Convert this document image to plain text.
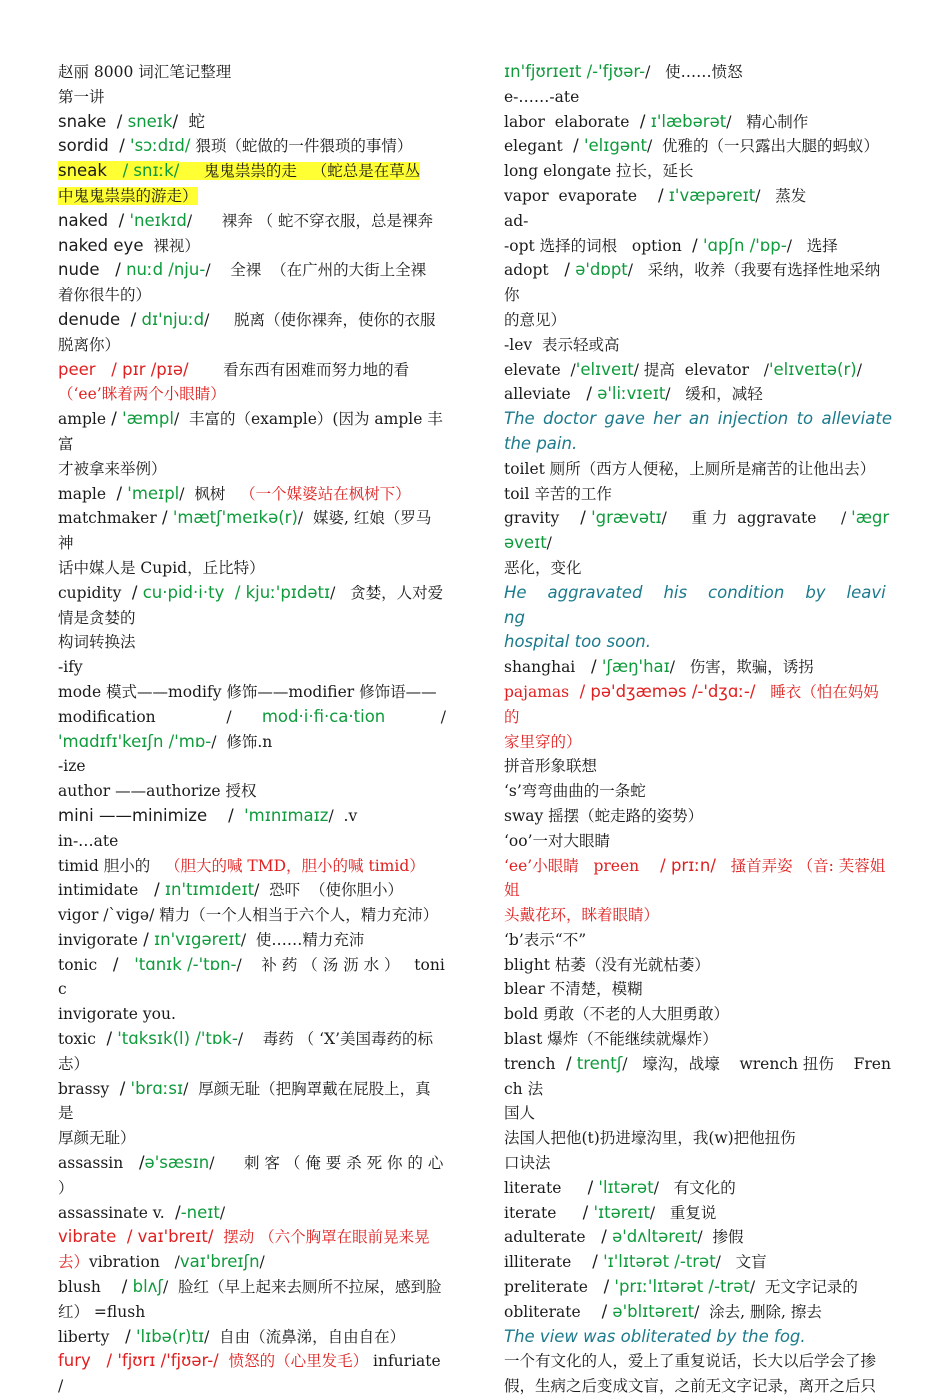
赵丽 8000 词汇笔记整理
第一讲
snake  / sneɪk/  蛇
sordid  / 'sɔːdɪd/ 猥琐（蛇做的一件猥琐的事情）
sneak   / snɪːk/     鬼鬼祟祟的走   （蛇总是在草丛
中鬼鬼祟祟的游走）
naked  / 'neɪkɪd/      裸奔 （ 蛇不穿衣服，总是裸奔
naked eye  裸视）
nude   / nuːd /nju-/    全裸  （在广州的大街上全裸
着你很牛的）
denude  / dɪ'njuːd/     脱离（使你裸奔，使你的衣服
脱离你）
peer   / pɪr /pɪə/       看东西有困难而努力地的看
（‘ee’眯着两个小眼睛）
ample / 'æmpl/  丰富的（example）(因为 ample 丰富
才被拿来举例）
maple  / 'meɪpl/  枫树   （一个媒婆站在枫树下）
matchmaker / 'mætʃ'meɪkə(r)/  媒婆, 红娘（罗马神
话中媒人是 Cupid，丘比特）
cupidity  / cu·pid·i·ty  / kjuː'pɪdətɪ/   贪婪，人对爱
情是贪婪的
构词转换法
-ify
mode 模式——modify 修饰——modifier 修饰语——
modification              /      mod·i·fi·ca·tion           /
'mɑdɪfɪ'keɪʃn /'mɒ-/  修饰.n
-ize
author ——authorize 授权
mini ——minimize    /  'mɪnɪmaɪz/  .v
in-…ate
timid 胆小的   （胆大的喊 TMD，胆小的喊 timid）
intimidate   / ɪn'tɪmɪdeɪt/  恐吓  （使你胆小）
vigor /`vigə/ 精力（一个人相当于六个人，精力充沛）
invigorate / ɪn'vɪgəreɪt/  使……精力充沛
tonic   /   'tɑnɪk /-'tɒn-/    补 药 （ 汤 沥 水 ）   tonic
invigorate you.
toxic  / 'tɑksɪk(l) /'tɒk-/    毒药 （ ‘X’美国毒药的标
志）
brassy  / 'brɑːsɪ/  厚颜无耻（把胸罩戴在屁股上，真是
厚颜无耻）
assassin   /ə'sæsɪn/      刺 客 （ 俺 要 杀 死 你 的 心 ）
assassinate v.  /-neɪt/
vibrate  / vaɪ'breɪt/  摆动 （六个胸罩在眼前晃来晃
去）vibration   /vaɪ'breɪʃn/
blush    / blʌʃ/  脸红（早上起来去厕所不拉屎，感到脸
红） =flush
liberty   / 'lɪbə(r)tɪ/  自由（流鼻涕，自由自在）
fury   / 'fjʊrɪ /'fjʊər-/  愤怒的（心里发毛） infuriate  /
ɪn'fjʊrɪeɪt /-'fjʊər-/   使……愤怒
e-……-ate
labor  elaborate  / ɪ'læbərət/   精心制作
elegant  / 'elɪgənt/  优雅的（一只露出大腿的蚂蚁）
long elongate 拉长，延长
vapor  evaporate    / ɪ'væpəreɪt/   蒸发
ad-
-opt 选择的词根   option  / 'ɑpʃn /'ɒp-/   选择
adopt   / ə'dɒpt/   采纳，收养（我要有选择性地采纳你
的意见）
-lev  表示轻或高
elevate  /'elɪveɪt/ 提高  elevator   /'elɪveɪtə(r)/
alleviate   / ə'liːvɪeɪt/   缓和，减轻
The doctor gave her an injection to alleviate
the pain.
toilet 厕所（西方人便秘，上厕所是痛苦的让他出去）
toil 辛苦的工作
gravity    / 'grævətɪ/     重 力  aggravate     / 'ægrəveɪt/
恶化，变化
He    aggravated    his    condition    by    leaving
hospital too soon.
shanghai   / 'ʃæŋ'haɪ/   伤害，欺骗，诱拐
pajamas  / pə'dʒæməs /-'dʒɑː-/   睡衣（怕在妈妈的
家里穿的）
拼音形象联想
‘s’弯弯曲曲的一条蛇
sway 摇摆（蛇走路的姿势）
‘oo’一对大眼睛
‘ee’小眼睛   preen    / prɪːn/   搔首弄姿 （音: 芙蓉姐姐
头戴花环，眯着眼睛）
‘b’表示“不”
blight 枯萎（没有光就枯萎）
blear 不清楚，模糊
bold 勇敢（不老的人大胆勇敢）
blast 爆炸（不能继续就爆炸）
trench  / trentʃ/   壕沟，战壕    wrench 扭伤    French 法
国人
法国人把他(t)扔进壕沟里，我(w)把他扭伤
口诀法
literate     / 'lɪtərət/   有文化的
iterate     / 'ɪtəreɪt/   重复说
adulterate   / ə'dʌltəreɪt/  掺假
illiterate    / 'ɪ'lɪtərət /-trət/   文盲
preliterate   / 'prɪː'lɪtərət /-trət/  无文字记录的
obliterate    / ə'blɪtəreɪt/  涂去, 删除, 擦去
The view was obliterated by the fog.
一个有文化的人，爱上了重复说话，长大以后学会了掺
假，生病之后变成文盲，之前无文字记录，离开之后只
